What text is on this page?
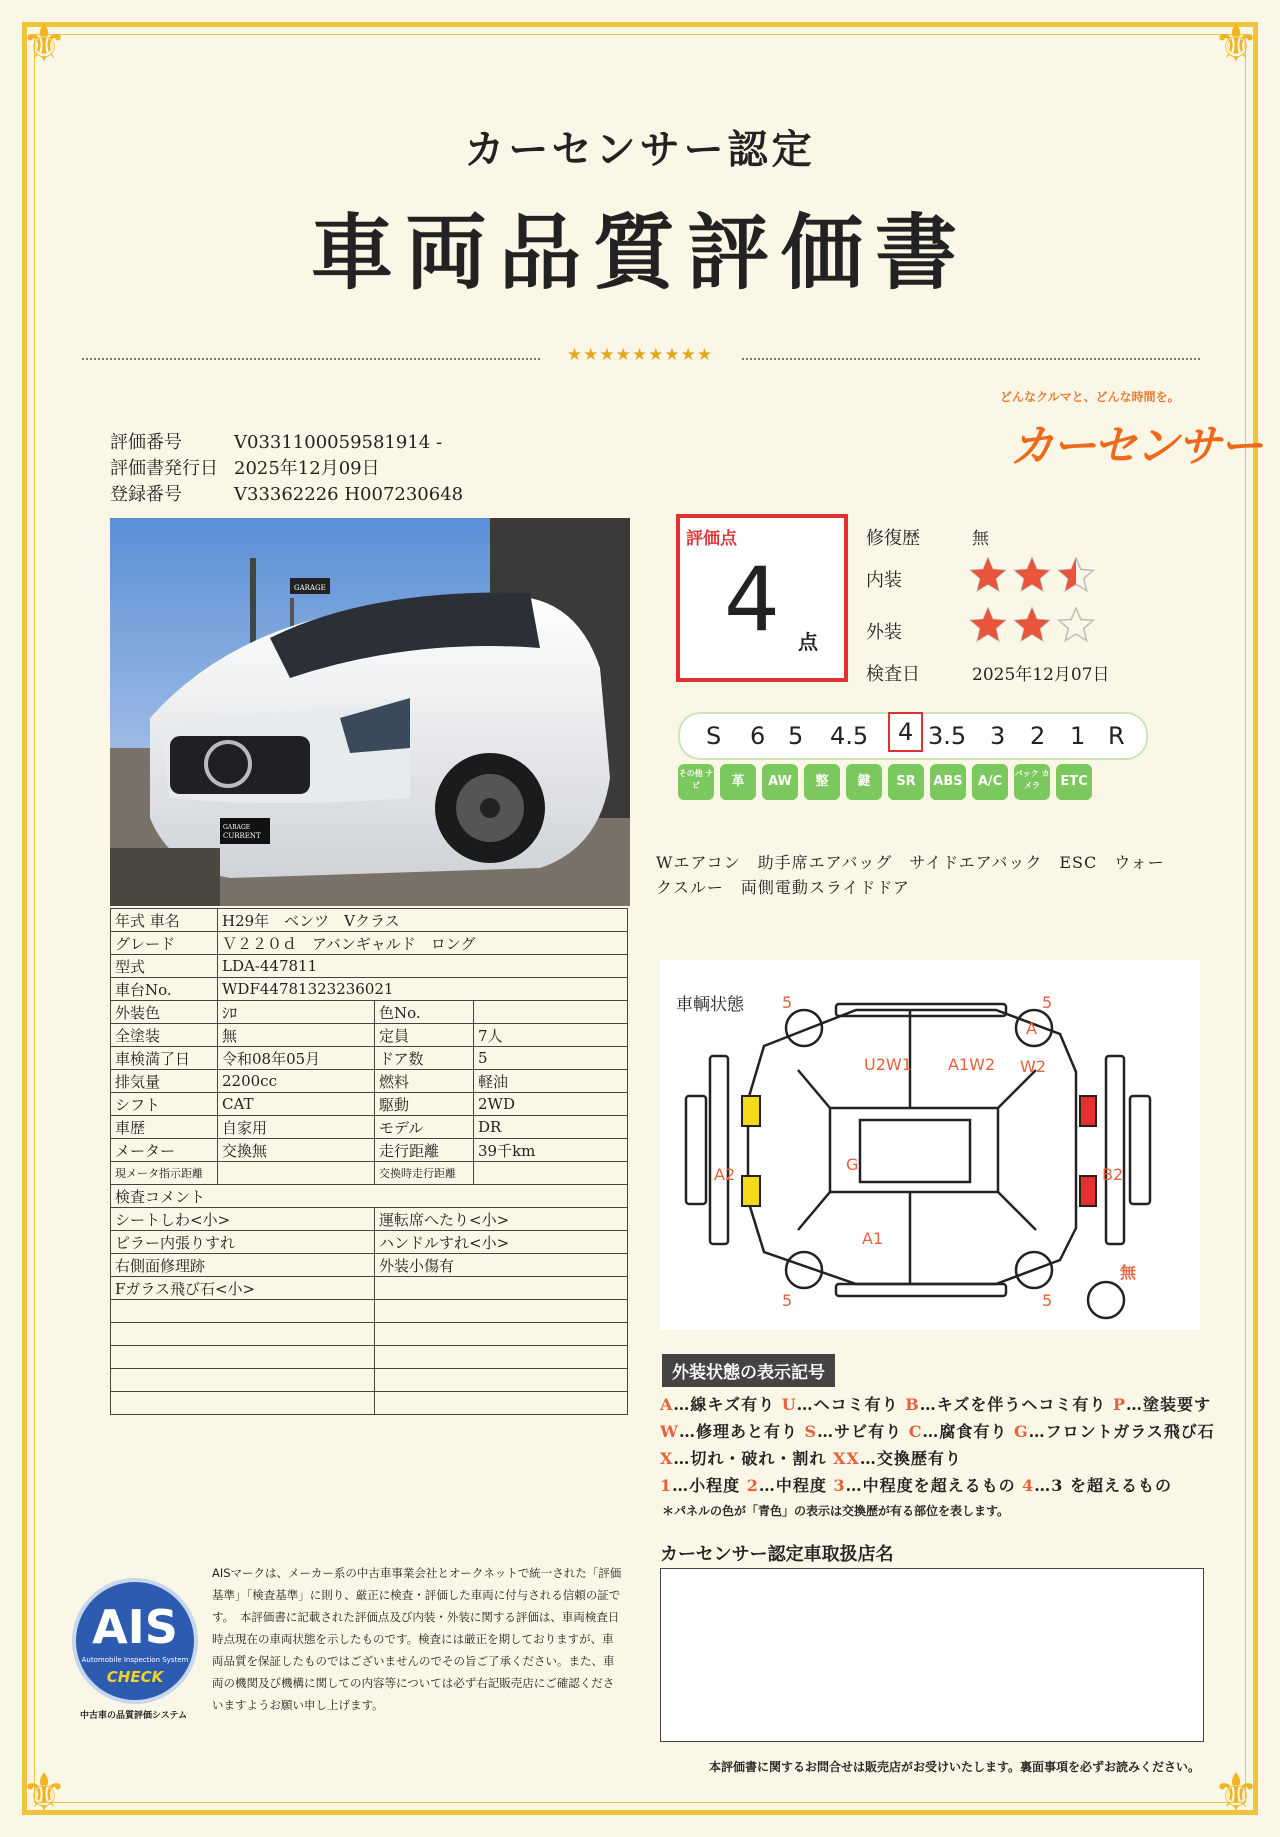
⚜	⚜
⚜	⚜
カーセンサー認定
車両品質評価書
★★★★★★★★★
どんなクルマと、どんな時間を。
カーセンサー
評価番号	V0331100059581914 -
評価書発行日 2025年12月09日
登録番号	V33362226 H007230648
GARAGE
GARAGE
CURRENT
年式 車名	H29年　ベンツ　Vクラス		
グレード	Ｖ２２０ｄ　アバンギャルド　ロング		
型式	LDA-447811		
車台No.	WDF44781323236021		
外装色	ｼﾛ	色No.	
全塗装	無	定員	7人
車検満了日	令和08年05月	ドア数	5
排気量	2200cc	燃料	軽油
シフト	CAT	駆動	2WD
車歴	自家用	モデル	DR
メーター	交換無	走行距離	39千km
現メータ指示距離		交換時走行距離	
検査コメント			
シートしわ<小>		運転席へたり<小>	
ピラー内張りすれ		ハンドルすれ<小>	
右側面修理跡		外装小傷有	
Fガラス飛び石<小>			

評価点
4 点
修復歴	無
内装
外装
検査日	2025年12月07日
S 6 5 4.5	4 3.5 3 2 1 R
その他 ナビ	革	AW	整	鍵	SR	ABS	A/C
バック カメラ	ETC
Wエアコン　助手席エアバッグ　サイドエアバック　ESC　ウォークスルー　両側電動スライドドア
車輌状態 5	5
A
U2W1 A1W2 W2
G
A2	B2
A1
5	5
無
外装状態の表示記号
A…線キズ有り U…ヘコミ有り B…キズを伴うヘコミ有り P…塗装要す
W…修理あと有り S…サビ有り C…腐食有り G…フロントガラス飛び石
X…切れ・破れ・割れ XX…交換歴有り
1…小程度 2…中程度 3…中程度を超えるもの 4…3 を超えるもの
＊パネルの色が「青色」の表示は交換歴が有る部位を表します。
カーセンサー認定車取扱店名
AIS
Automobile Inspection System
CHECK
中古車の品質評価システム
AISマークは、メーカー系の中古車事業会社とオークネットで統一された「評価基準」「検査基準」に則り、厳正に検査・評価した車両に付与される信頼の証です。　本評価書に記載された評価点及び内装・外装に関する評価は、車両検査日時点現在の車両状態を示したものです。検査には厳正を期しておりますが、車両品質を保証したものではございませんのでその旨ご了承ください。また、車両の機関及び機構に関しての内容等については必ず右記販売店にご確認くださいますようお願い申し上げます。
本評価書に関するお問合せは販売店がお受けいたします。裏面事項を必ずお読みください。
